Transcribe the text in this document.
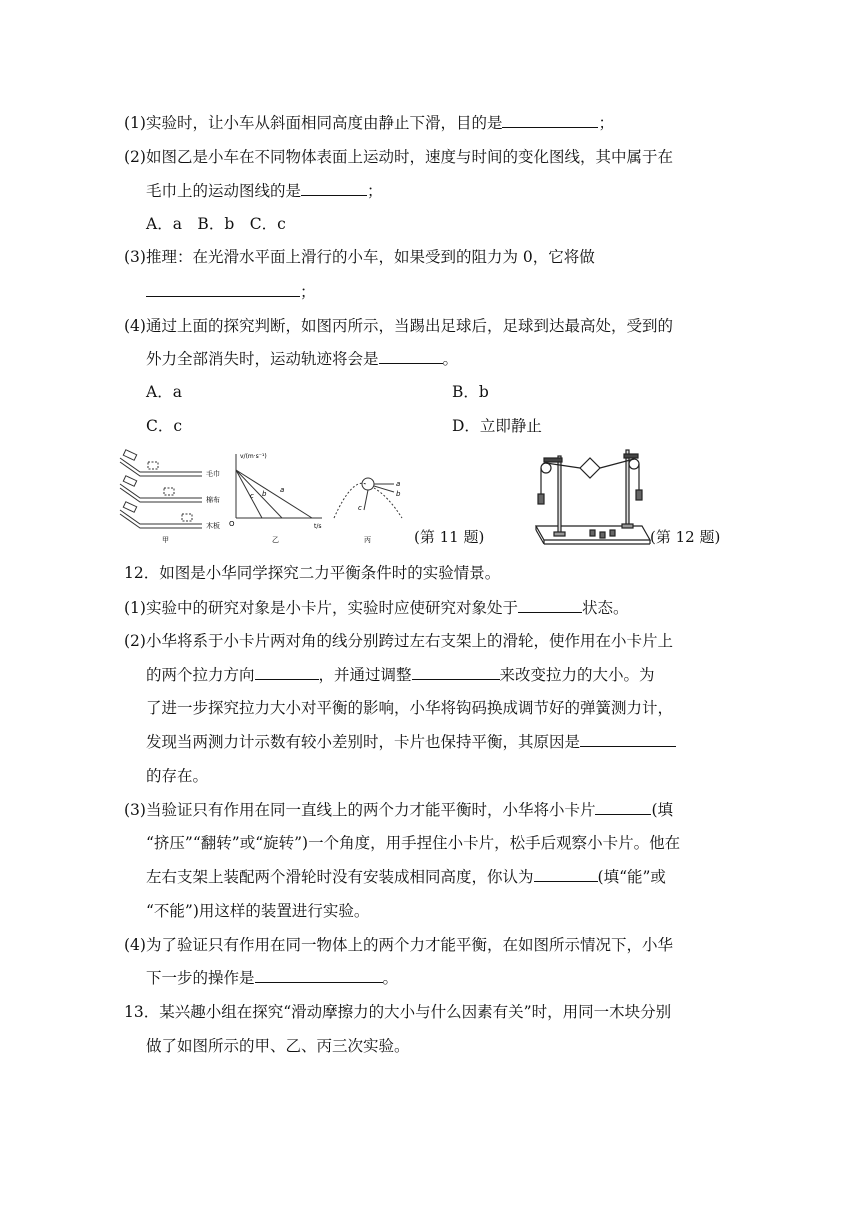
(1)实验时，让小车从斜面相同高度由静止下滑，目的是	；
(2)如图乙是小车在不同物体表面上运动时，速度与时间的变化图线，其中属于在
毛巾上的运动图线的是	；
A．a　B．b　C．c
(3)推理：在光滑水平面上滑行的小车，如果受到的阻力为 0，它将做
；
(4)通过上面的探究判断，如图丙所示，当踢出足球后，足球到达最高处，受到的
外力全部消失时，运动轨迹将会是	。
A．a	B．b
C．c	D．立即静止
毛巾
棉布
木板
甲
v/(m·s⁻¹)
t/s
O
c b a
乙
a
b
c
丙	(第 11 题)	(第 12 题)
12．如图是小华同学探究二力平衡条件时的实验情景。
(1)实验中的研究对象是小卡片，实验时应使研究对象处于	状态。
(2)小华将系于小卡片两对角的线分别跨过左右支架上的滑轮，使作用在小卡片上
的两个拉力方向	，并通过调整	来改变拉力的大小。为
了进一步探究拉力大小对平衡的影响，小华将钩码换成调节好的弹簧测力计，
发现当两测力计示数有较小差别时，卡片也保持平衡，其原因是
的存在。
(3)当验证只有作用在同一直线上的两个力才能平衡时，小华将小卡片	(填
“挤压”“翻转”或“旋转”)一个角度，用手捏住小卡片，松手后观察小卡片。他在
左右支架上装配两个滑轮时没有安装成相同高度，你认为	(填“能”或
“不能”)用这样的装置进行实验。
(4)为了验证只有作用在同一物体上的两个力才能平衡，在如图所示情况下，小华
下一步的操作是	。
13．某兴趣小组在探究“滑动摩擦力的大小与什么因素有关”时，用同一木块分别
做了如图所示的甲、乙、丙三次实验。
